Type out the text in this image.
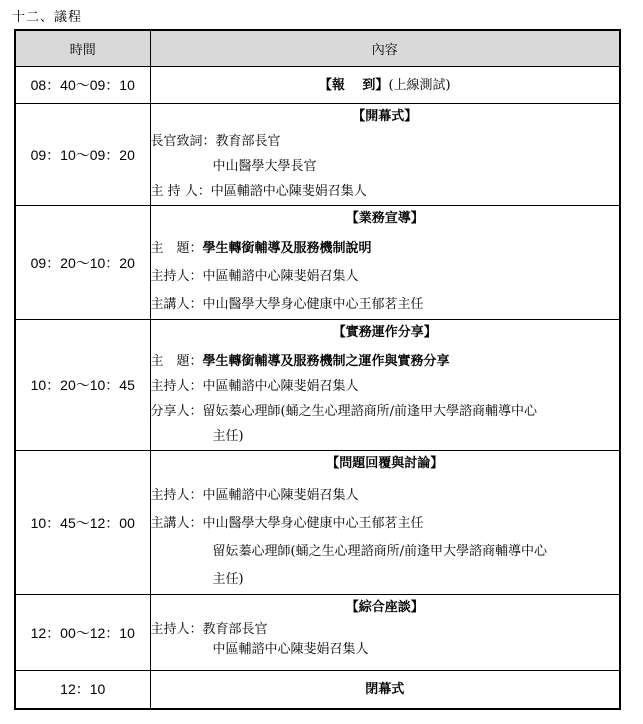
十二、議程
時間	內容
08：40～09：10	【報　 到】(上線測試)

09：10～09：20	【開幕式】
長官致詞：教育部長官
中山醫學大學長官
主 持 人：中區輔諮中心陳斐娟召集人

09：20～10：20	【業務宣導】
主　題：學生轉銜輔導及服務機制說明
主持人：中區輔諮中心陳斐娟召集人
主講人：中山醫學大學身心健康中心王郁茗主任

10：20～10：45	【實務運作分享】
主　題：學生轉銜輔導及服務機制之運作與實務分享
主持人：中區輔諮中心陳斐娟召集人
分享人：留妘蓁心理師(蛹之生心理諮商所/前逢甲大學諮商輔導中心
主任)

10：45～12：00	【問題回覆與討論】
主持人：中區輔諮中心陳斐娟召集人
主講人：中山醫學大學身心健康中心王郁茗主任
留妘蓁心理師(蛹之生心理諮商所/前逢甲大學諮商輔導中心
主任)

12：00～12：10	【綜合座談】
主持人：教育部長官
中區輔諮中心陳斐娟召集人

12：10	閉幕式
